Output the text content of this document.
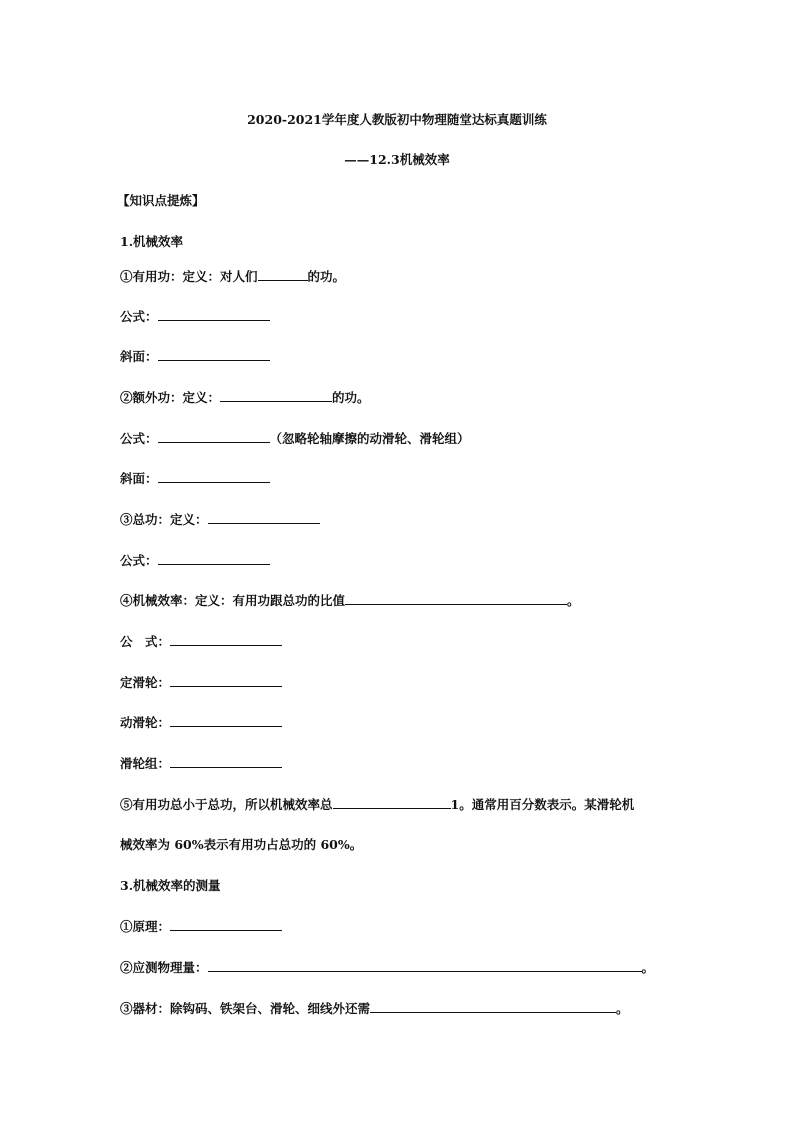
2020-2021学年度人教版初中物理随堂达标真题训练
——12.3机械效率
【知识点提炼】
1.机械效率
①有用功：定义：对人们	的功。
公式：
斜面：
②额外功：定义：	的功。
公式：	（忽略轮轴摩擦的动滑轮、滑轮组）
斜面：
③总功：定义：
公式：
④机械效率：定义：有用功跟总功的比值	。
公　式：
定滑轮：
动滑轮：
滑轮组：
⑤有用功总小于总功，所以机械效率总	1。通常用百分数表示。某滑轮机
械效率为 60%表示有用功占总功的 60%。
3.机械效率的测量
①原理：
②应测物理量：	。
③器材：除钩码、铁架台、滑轮、细线外还需	。
